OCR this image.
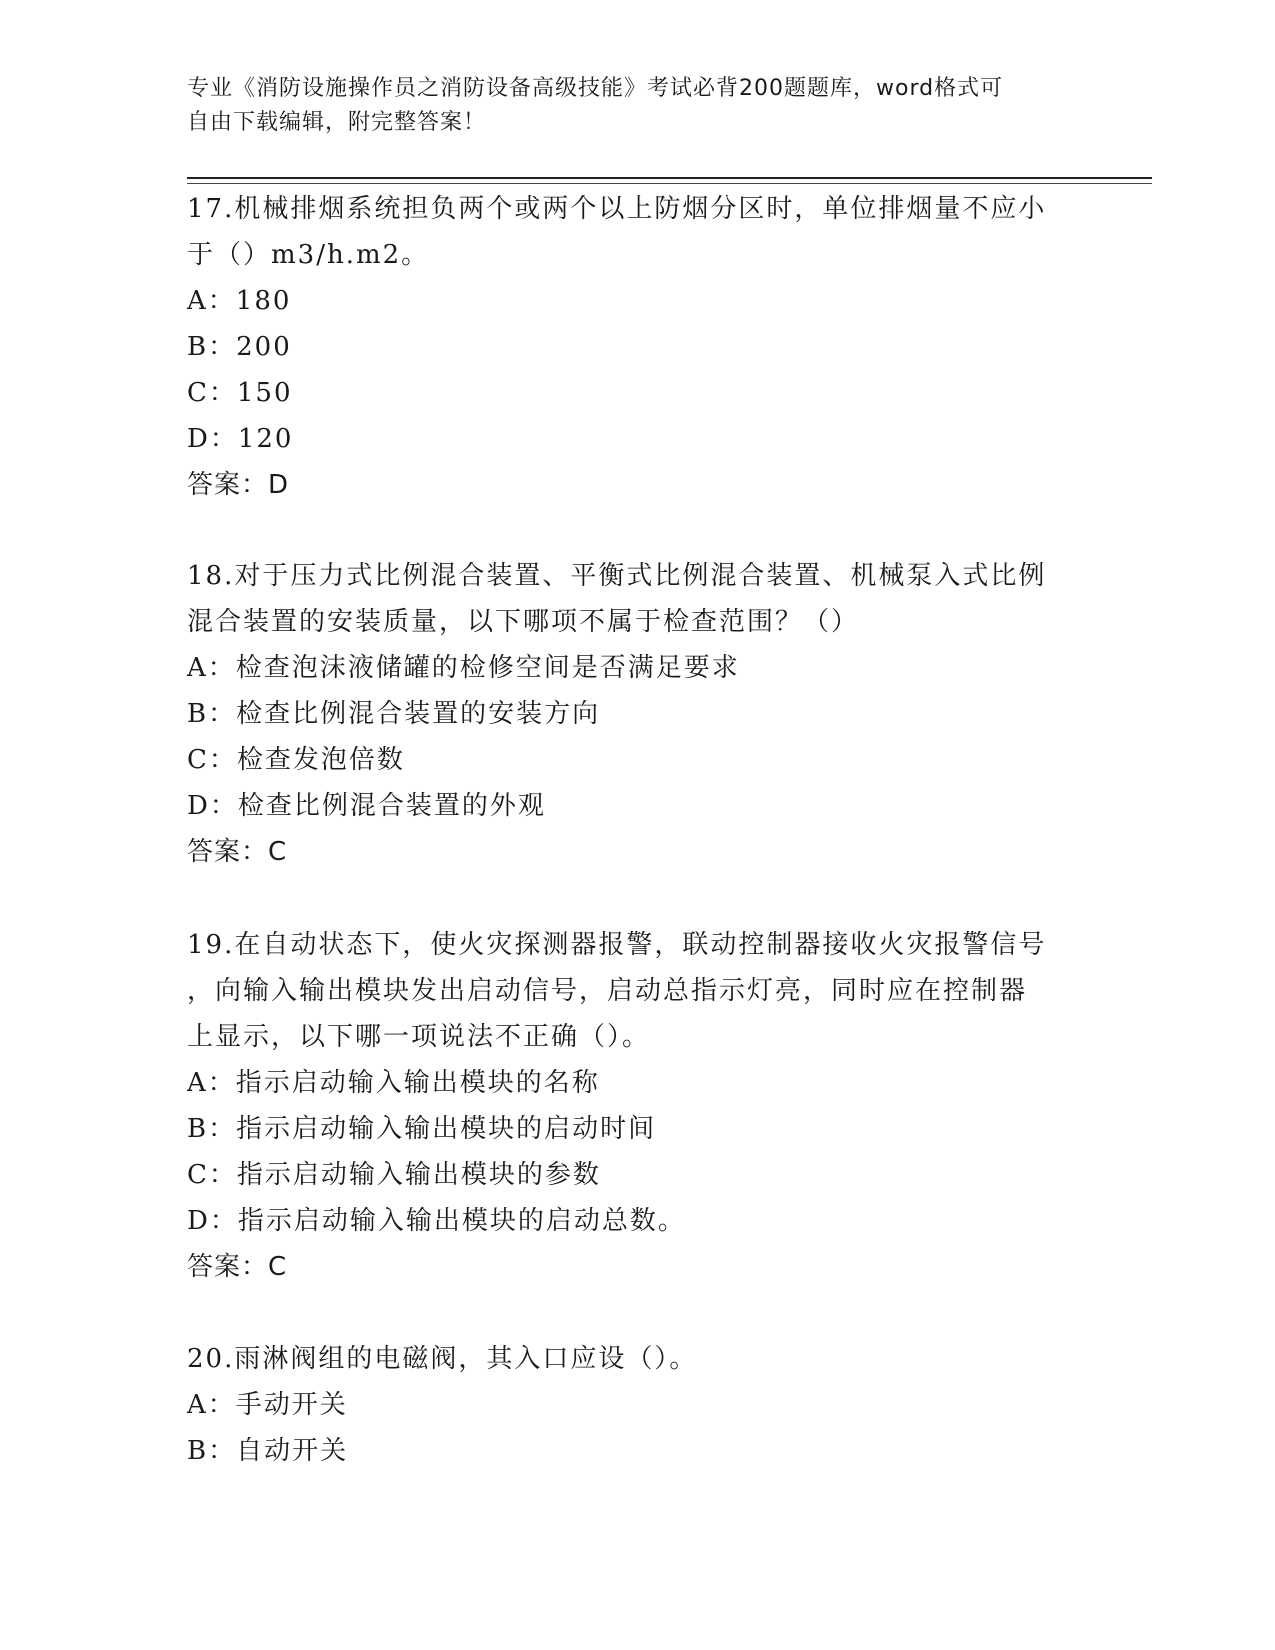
专业《消防设施操作员之消防设备高级技能》考试必背200题题库，word格式可
自由下载编辑，附完整答案！
17.机械排烟系统担负两个或两个以上防烟分区时，单位排烟量不应小
于（）m3/h.m2。
A：180
B：200
C：150
D：120
答案：D
18.对于压力式比例混合装置、平衡式比例混合装置、机械泵入式比例
混合装置的安装质量，以下哪项不属于检查范围？（）
A：检查泡沫液储罐的检修空间是否满足要求
B：检查比例混合装置的安装方向
C：检查发泡倍数
D：检查比例混合装置的外观
答案：C
19.在自动状态下，使火灾探测器报警，联动控制器接收火灾报警信号
，向输入输出模块发出启动信号，启动总指示灯亮，同时应在控制器
上显示，以下哪一项说法不正确（）。
A：指示启动输入输出模块的名称
B：指示启动输入输出模块的启动时间
C：指示启动输入输出模块的参数
D：指示启动输入输出模块的启动总数。
答案：C
20.雨淋阀组的电磁阀，其入口应设（）。
A：手动开关
B：自动开关
